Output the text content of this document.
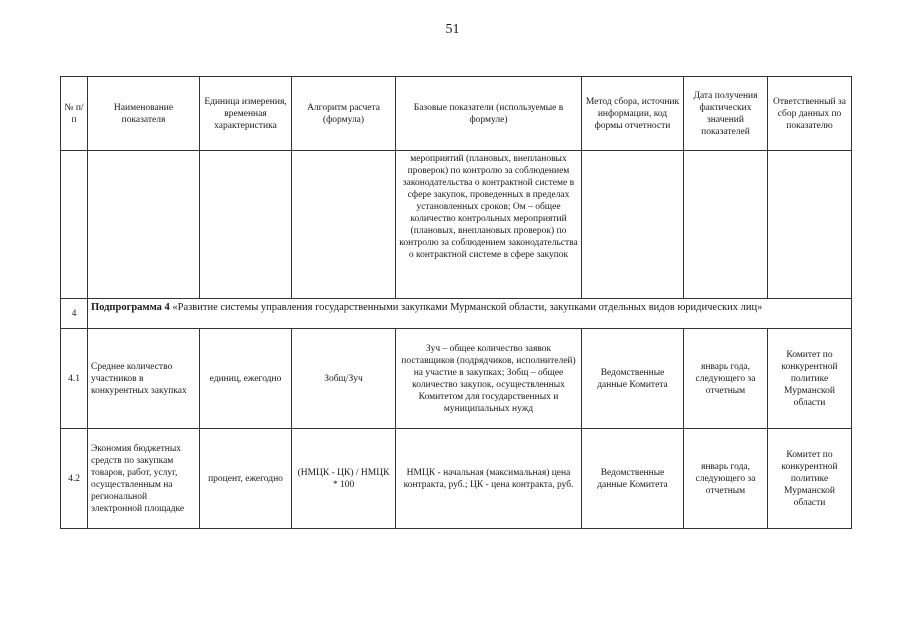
51
№ п/п	Наименование показателя	Единица измерения, временная характеристика	Алгоритм расчета (формула)	Базовые показатели (используемые в формуле)	Метод сбора, источник информации, код формы отчетности	Дата получения фактических значений показателей	Ответственный за сбор данных по показателю
				мероприятий (плановых, внеплановых проверок) по контролю за соблюдением законодательства о контрактной системе в сфере закупок, проведенных в пределах установленных сроков; Ом – общее количество контрольных мероприятий (плановых, внеплановых проверок) по контролю за соблюдением законодательства о контрактной системе в сфере закупок			
4	Подпрограмма 4 «Развитие системы управления государственными закупками Мурманской области, закупками отдельных видов юридических лиц»						
4.1	Среднее количество участников в конкурентных закупках	единиц, ежегодно	Зобщ/Зуч	Зуч – общее количество заявок поставщиков (подрядчиков, исполнителей) на участие в закупках; Зобщ – общее количество закупок, осуществленных Комитетом для государственных и муниципальных нужд	Ведомственные данные Комитета	январь года, следующего за отчетным	Комитет по конкурентной политике Мурманской области
4.2	Экономия бюджетных средств по закупкам товаров, работ, услуг, осуществленным на региональной электронной площадке	процент, ежегодно	(НМЦК - ЦК) / НМЦК * 100	НМЦК - начальная (максимальная) цена контракта, руб.; ЦК - цена контракта, руб.	Ведомственные данные Комитета	январь года, следующего за отчетным	Комитет по конкурентной политике Мурманской области
